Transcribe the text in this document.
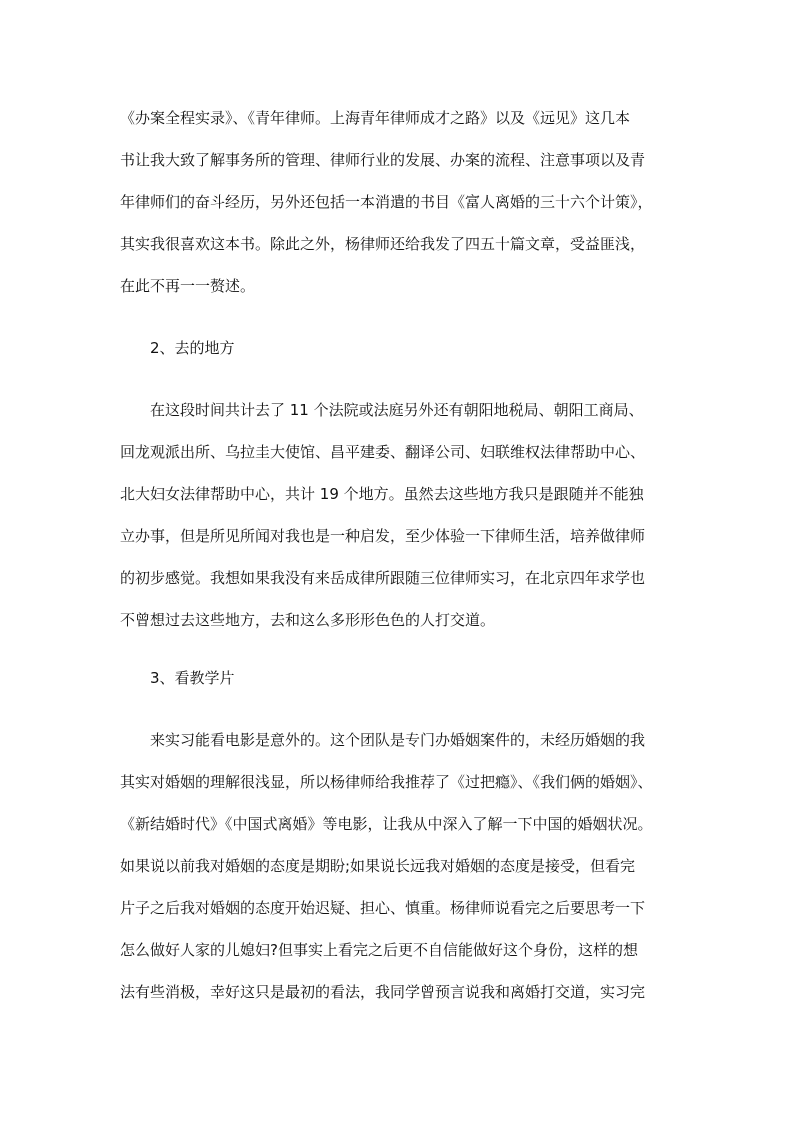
《办案全程实录》、《青年律师。上海青年律师成才之路》以及《远见》这几本
书让我大致了解事务所的管理、律师行业的发展、办案的流程、注意事项以及青
年律师们的奋斗经历，另外还包括一本消遣的书目《富人离婚的三十六个计策》，
其实我很喜欢这本书。除此之外，杨律师还给我发了四五十篇文章，受益匪浅，
在此不再一一赘述。
2、去的地方
在这段时间共计去了 11 个法院或法庭另外还有朝阳地税局、朝阳工商局、
回龙观派出所、乌拉圭大使馆、昌平建委、翻译公司、妇联维权法律帮助中心、
北大妇女法律帮助中心，共计 19 个地方。虽然去这些地方我只是跟随并不能独
立办事，但是所见所闻对我也是一种启发，至少体验一下律师生活，培养做律师
的初步感觉。我想如果我没有来岳成律所跟随三位律师实习，在北京四年求学也
不曾想过去这些地方，去和这么多形形色色的人打交道。
3、看教学片
来实习能看电影是意外的。这个团队是专门办婚姻案件的，未经历婚姻的我
其实对婚姻的理解很浅显，所以杨律师给我推荐了《过把瘾》、《我们俩的婚姻》、
《新结婚时代》《中国式离婚》等电影，让我从中深入了解一下中国的婚姻状况。
如果说以前我对婚姻的态度是期盼;如果说长远我对婚姻的态度是接受，但看完
片子之后我对婚姻的态度开始迟疑、担心、慎重。杨律师说看完之后要思考一下
怎么做好人家的儿媳妇?但事实上看完之后更不自信能做好这个身份，这样的想
法有些消极，幸好这只是最初的看法，我同学曾预言说我和离婚打交道，实习完
